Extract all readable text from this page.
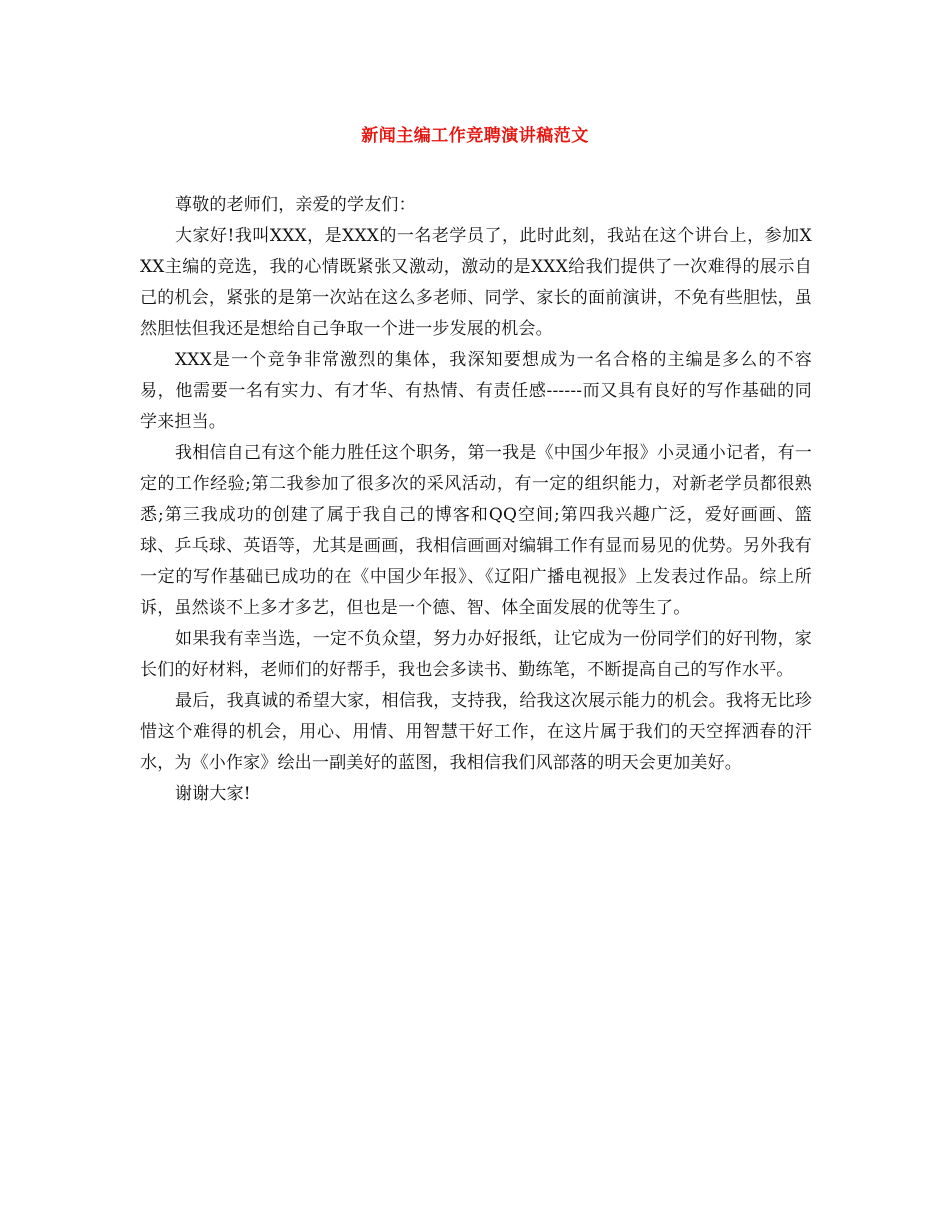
新闻主编工作竞聘演讲稿范文

尊敬的老师们，亲爱的学友们：

大家好!我叫XXX，是XXX的一名老学员了，此时此刻，我站在这个讲台上，参加XXX主编的竞选，我的心情既紧张又激动，激动的是XXX给我们提供了一次难得的展示自己的机会，紧张的是第一次站在这么多老师、同学、家长的面前演讲，不免有些胆怯，虽然胆怯但我还是想给自己争取一个进一步发展的机会。

XXX是一个竞争非常激烈的集体，我深知要想成为一名合格的主编是多么的不容易，他需要一名有实力、有才华、有热情、有责任感------而又具有良好的写作基础的同学来担当。

我相信自己有这个能力胜任这个职务，第一我是《中国少年报》小灵通小记者，有一定的工作经验;第二我参加了很多次的采风活动，有一定的组织能力，对新老学员都很熟悉;第三我成功的创建了属于我自己的博客和QQ空间;第四我兴趣广泛，爱好画画、篮球、乒乓球、英语等，尤其是画画，我相信画画对编辑工作有显而易见的优势。另外我有一定的写作基础已成功的在《中国少年报》、《辽阳广播电视报》上发表过作品。综上所诉，虽然谈不上多才多艺，但也是一个德、智、体全面发展的优等生了。

如果我有幸当选，一定不负众望，努力办好报纸，让它成为一份同学们的好刊物，家长们的好材料，老师们的好帮手，我也会多读书、勤练笔，不断提高自己的写作水平。

最后，我真诚的希望大家，相信我，支持我，给我这次展示能力的机会。我将无比珍惜这个难得的机会，用心、用情、用智慧干好工作，在这片属于我们的天空挥洒春的汗水，为《小作家》绘出一副美好的蓝图，我相信我们风部落的明天会更加美好。

谢谢大家!
